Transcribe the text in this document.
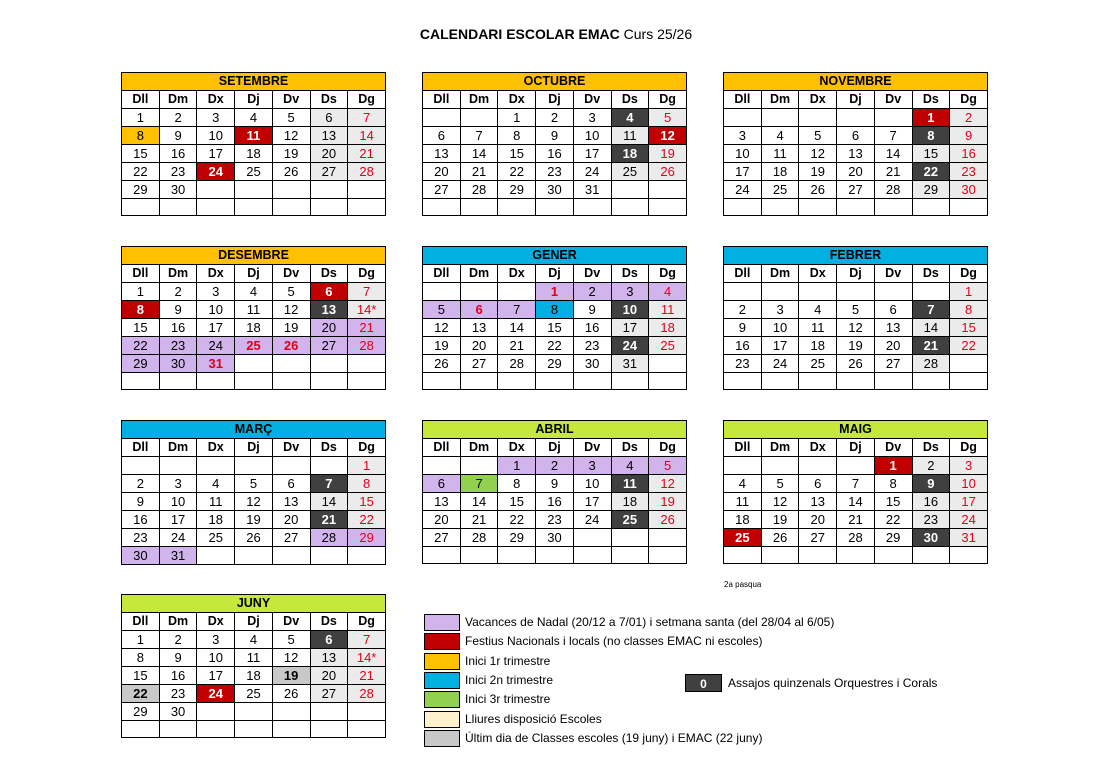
CALENDARI ESCOLAR EMAC Curs 25/26
SETEMBRE						
Dll	Dm	Dx	Dj	Dv	Ds	Dg
1	2	3	4	5	6	7
8	9	10	11	12	13	14
15	16	17	18	19	20	21
22	23	24	25	26	27	28
29	30					

OCTUBRE						
Dll	Dm	Dx	Dj	Dv	Ds	Dg
		1	2	3	4	5
6	7	8	9	10	11	12
13	14	15	16	17	18	19
20	21	22	23	24	25	26
27	28	29	30	31		

NOVEMBRE						
Dll	Dm	Dx	Dj	Dv	Ds	Dg
					1	2
3	4	5	6	7	8	9
10	11	12	13	14	15	16
17	18	19	20	21	22	23
24	25	26	27	28	29	30

DESEMBRE						
Dll	Dm	Dx	Dj	Dv	Ds	Dg
1	2	3	4	5	6	7
8	9	10	11	12	13	14*
15	16	17	18	19	20	21
22	23	24	25	26	27	28
29	30	31				

GENER						
Dll	Dm	Dx	Dj	Dv	Ds	Dg
			1	2	3	4
5	6	7	8	9	10	11
12	13	14	15	16	17	18
19	20	21	22	23	24	25
26	27	28	29	30	31	

FEBRER						
Dll	Dm	Dx	Dj	Dv	Ds	Dg
						1
2	3	4	5	6	7	8
9	10	11	12	13	14	15
16	17	18	19	20	21	22
23	24	25	26	27	28	

MARÇ						
Dll	Dm	Dx	Dj	Dv	Ds	Dg
						1
2	3	4	5	6	7	8
9	10	11	12	13	14	15
16	17	18	19	20	21	22
23	24	25	26	27	28	29
30	31					
ABRIL						
Dll	Dm	Dx	Dj	Dv	Ds	Dg
		1	2	3	4	5
6	7	8	9	10	11	12
13	14	15	16	17	18	19
20	21	22	23	24	25	26
27	28	29	30			

MAIG						
Dll	Dm	Dx	Dj	Dv	Ds	Dg
				1	2	3
4	5	6	7	8	9	10
11	12	13	14	15	16	17
18	19	20	21	22	23	24
25	26	27	28	29	30	31

JUNY						
Dll	Dm	Dx	Dj	Dv	Ds	Dg
1	2	3	4	5	6	7
8	9	10	11	12	13	14*
15	16	17	18	19	20	21
22	23	24	25	26	27	28
29	30					

2a pasqua
Vacances de Nadal (20/12 a 7/01) i setmana santa (del 28/04 al 6/05)
Festius Nacionals i locals (no classes EMAC ni escoles)
Inici 1r trimestre
Inici 2n trimestre
Inici 3r trimestre
Lliures disposició Escoles
Últim dia de Classes escoles (19 juny) i EMAC (22 juny)
0	Assajos quinzenals Orquestres i Corals
